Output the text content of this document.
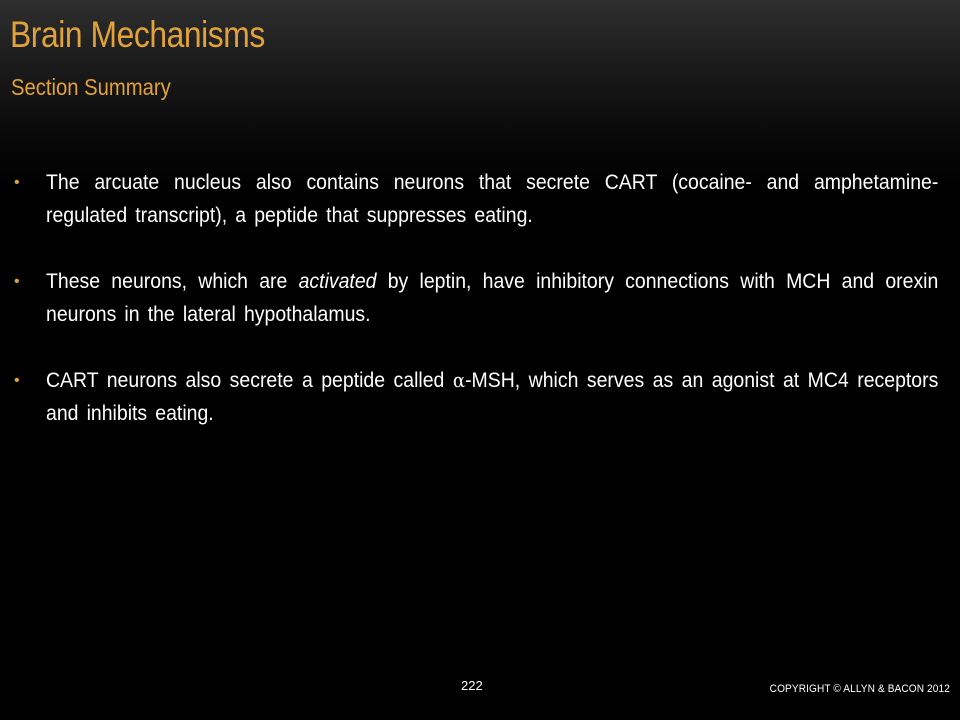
Brain Mechanisms
Section Summary
•	The arcuate nucleus also contains neurons that secrete CART (cocaine- and amphetamine-regulated transcript), a peptide that suppresses eating.
•	These neurons, which are activated by leptin, have inhibitory connections with MCH and orexin neurons in the lateral hypothalamus.
•	CART neurons also secrete a peptide called α-MSH, which serves as an agonist at MC4 receptors and inhibits eating.
222	COPYRIGHT © ALLYN & BACON 2012
